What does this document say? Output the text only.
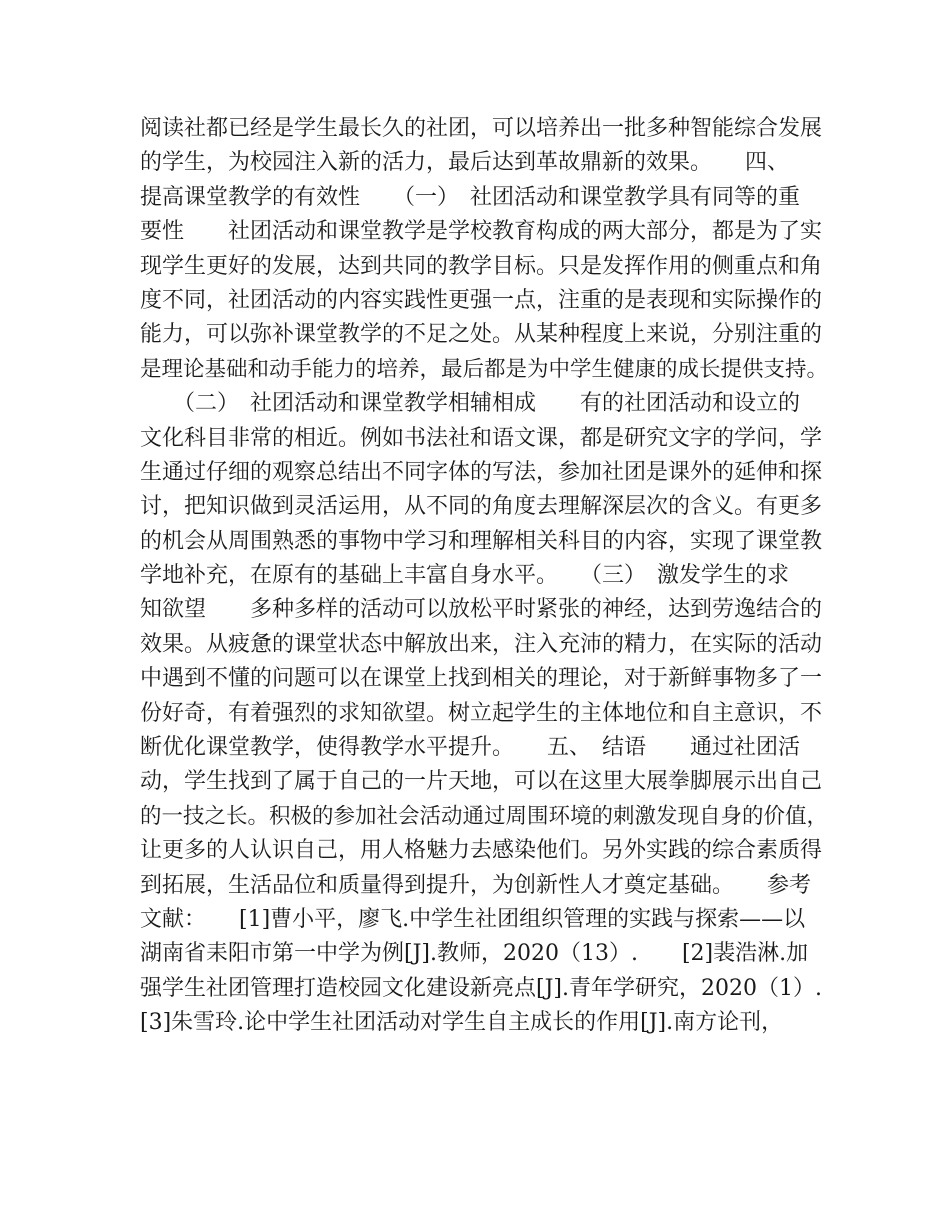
阅读社都已经是学生最长久的社团，可以培养出一批多种智能综合发展
的学生，为校园注入新的活力，最后达到革故鼎新的效果。　　四、
提高课堂教学的有效性　　（一）　社团活动和课堂教学具有同等的重
要性　　社团活动和课堂教学是学校教育构成的两大部分，都是为了实
现学生更好的发展，达到共同的教学目标。只是发挥作用的侧重点和角
度不同，社团活动的内容实践性更强一点，注重的是表现和实际操作的
能力，可以弥补课堂教学的不足之处。从某种程度上来说，分别注重的
是理论基础和动手能力的培养，最后都是为中学生健康的成长提供支持。
　　（二）　社团活动和课堂教学相辅相成　　有的社团活动和设立的
文化科目非常的相近。例如书法社和语文课，都是研究文字的学问，学
生通过仔细的观察总结出不同字体的写法，参加社团是课外的延伸和探
讨，把知识做到灵活运用，从不同的角度去理解深层次的含义。有更多
的机会从周围熟悉的事物中学习和理解相关科目的内容，实现了课堂教
学地补充，在原有的基础上丰富自身水平。　　（三）　激发学生的求
知欲望　　多种多样的活动可以放松平时紧张的神经，达到劳逸结合的
效果。从疲惫的课堂状态中解放出来，注入充沛的精力，在实际的活动
中遇到不懂的问题可以在课堂上找到相关的理论，对于新鲜事物多了一
份好奇，有着强烈的求知欲望。树立起学生的主体地位和自主意识，不
断优化课堂教学，使得教学水平提升。　　五、　结语　　通过社团活
动，学生找到了属于自己的一片天地，可以在这里大展拳脚展示出自己
的一技之长。积极的参加社会活动通过周围环境的刺激发现自身的价值，
让更多的人认识自己，用人格魅力去感染他们。另外实践的综合素质得
到拓展，生活品位和质量得到提升，为创新性人才奠定基础。　　参考
文献：　　[1]曹小平，廖飞.中学生社团组织管理的实践与探索——以
湖南省耒阳市第一中学为例[J].教师，2020（13）.　　[2]裴浩淋.加
强学生社团管理打造校园文化建设新亮点[J].青年学研究，2020（1）.
[3]朱雪玲.论中学生社团活动对学生自主成长的作用[J].南方论刊，
